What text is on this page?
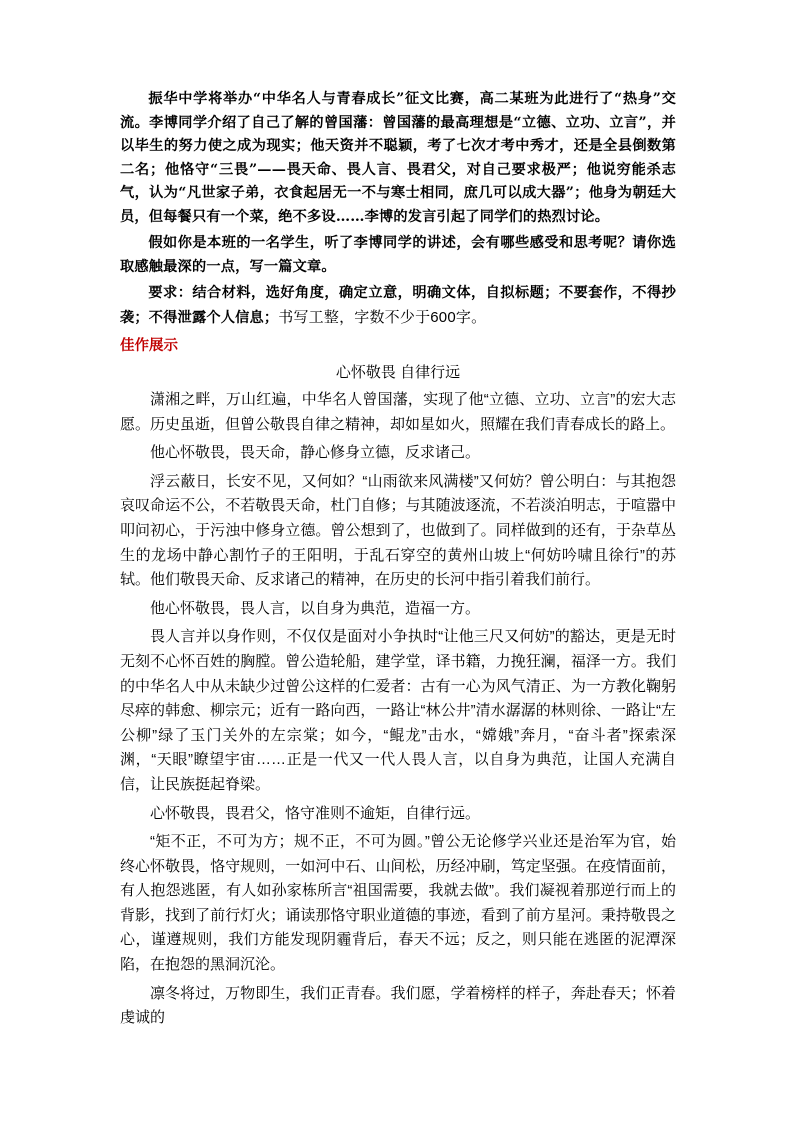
振华中学将举办“中华名人与青春成长”征文比赛，高二某班为此进行了“热身”交流。李博同学介绍了自己了解的曾国藩：曾国藩的最高理想是“立德、立功、立言”，并以毕生的努力使之成为现实；他天资并不聪颖，考了七次才考中秀才，还是全县倒数第二名；他恪守“三畏”——畏天命、畏人言、畏君父，对自己要求极严；他说穷能杀志气，认为“凡世家子弟，衣食起居无一不与寒士相同，庶几可以成大器”；他身为朝廷大员，但每餐只有一个菜，绝不多设……李博的发言引起了同学们的热烈讨论。

假如你是本班的一名学生，听了李博同学的讲述，会有哪些感受和思考呢？请你选取感触最深的一点，写一篇文章。

要求：结合材料，选好角度，确定立意，明确文体，自拟标题；不要套作，不得抄袭；不得泄露个人信息；书写工整，字数不少于600字。

佳作展示
心怀敬畏 自律行远

潇湘之畔，万山红遍，中华名人曾国藩，实现了他“立德、立功、立言”的宏大志愿。历史虽逝，但曾公敬畏自律之精神，却如星如火，照耀在我们青春成长的路上。

他心怀敬畏，畏天命，静心修身立德，反求诸己。

浮云蔽日，长安不见，又何如？“山雨欲来风满楼”又何妨？曾公明白：与其抱怨哀叹命运不公，不若敬畏天命，杜门自修；与其随波逐流，不若淡泊明志，于喧嚣中叩问初心，于污浊中修身立德。曾公想到了，也做到了。同样做到的还有，于杂草丛生的龙场中静心割竹子的王阳明，于乱石穿空的黄州山坡上“何妨吟啸且徐行”的苏轼。他们敬畏天命、反求诸己的精神，在历史的长河中指引着我们前行。

他心怀敬畏，畏人言，以自身为典范，造福一方。

畏人言并以身作则，不仅仅是面对小争执时“让他三尺又何妨”的豁达，更是无时无刻不心怀百姓的胸膛。曾公造轮船，建学堂，译书籍，力挽狂澜，福泽一方。我们的中华名人中从未缺少过曾公这样的仁爱者：古有一心为风气清正、为一方教化鞠躬尽瘁的韩愈、柳宗元；近有一路向西，一路让“林公井”清水潺潺的林则徐、一路让“左公柳”绿了玉门关外的左宗棠；如今，“鲲龙”击水，“嫦娥”奔月，“奋斗者”探索深渊，“天眼”瞭望宇宙……正是一代又一代人畏人言，以自身为典范，让国人充满自信，让民族挺起脊梁。

心怀敬畏，畏君父，恪守准则不逾矩，自律行远。

“矩不正，不可为方；规不正，不可为圆。”曾公无论修学兴业还是治军为官，始终心怀敬畏，恪守规则，一如河中石、山间松，历经冲刷，笃定坚强。在疫情面前，有人抱怨逃匿，有人如孙家栋所言“祖国需要，我就去做”。我们凝视着那逆行而上的背影，找到了前行灯火；诵读那恪守职业道德的事迹，看到了前方星河。秉持敬畏之心，谨遵规则，我们方能发现阴霾背后，春天不远；反之，则只能在逃匿的泥潭深陷，在抱怨的黑洞沉沦。

凛冬将过，万物即生，我们正青春。我们愿，学着榜样的样子，奔赴春天；怀着虔诚的
